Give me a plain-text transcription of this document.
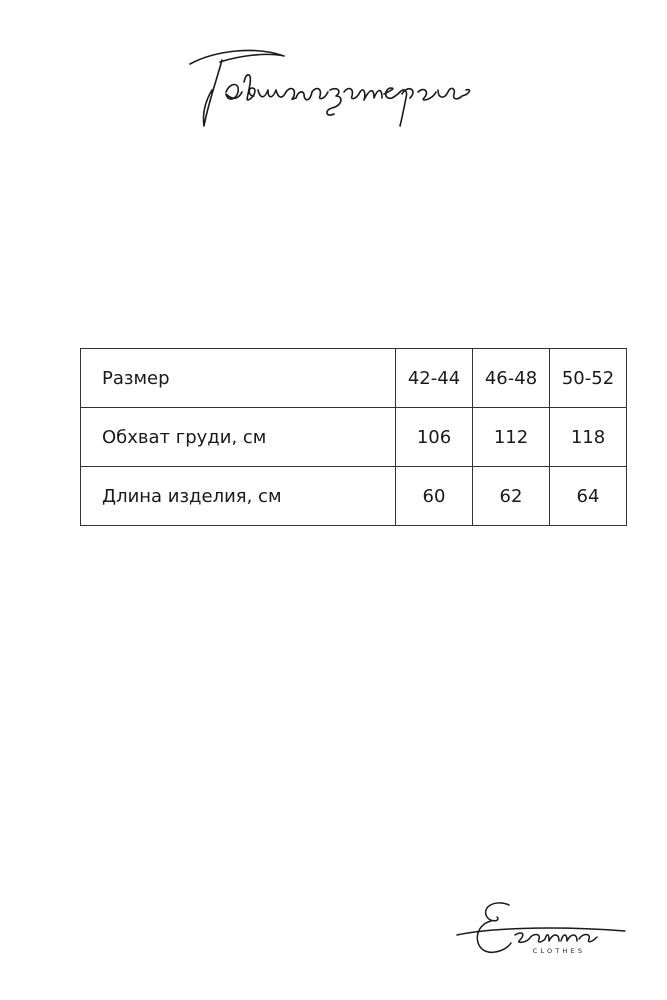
Размер	42-44	46-48	50-52
Обхват груди, см	106	112	118
Длина изделия, см	60	62	64
CLOTHES
